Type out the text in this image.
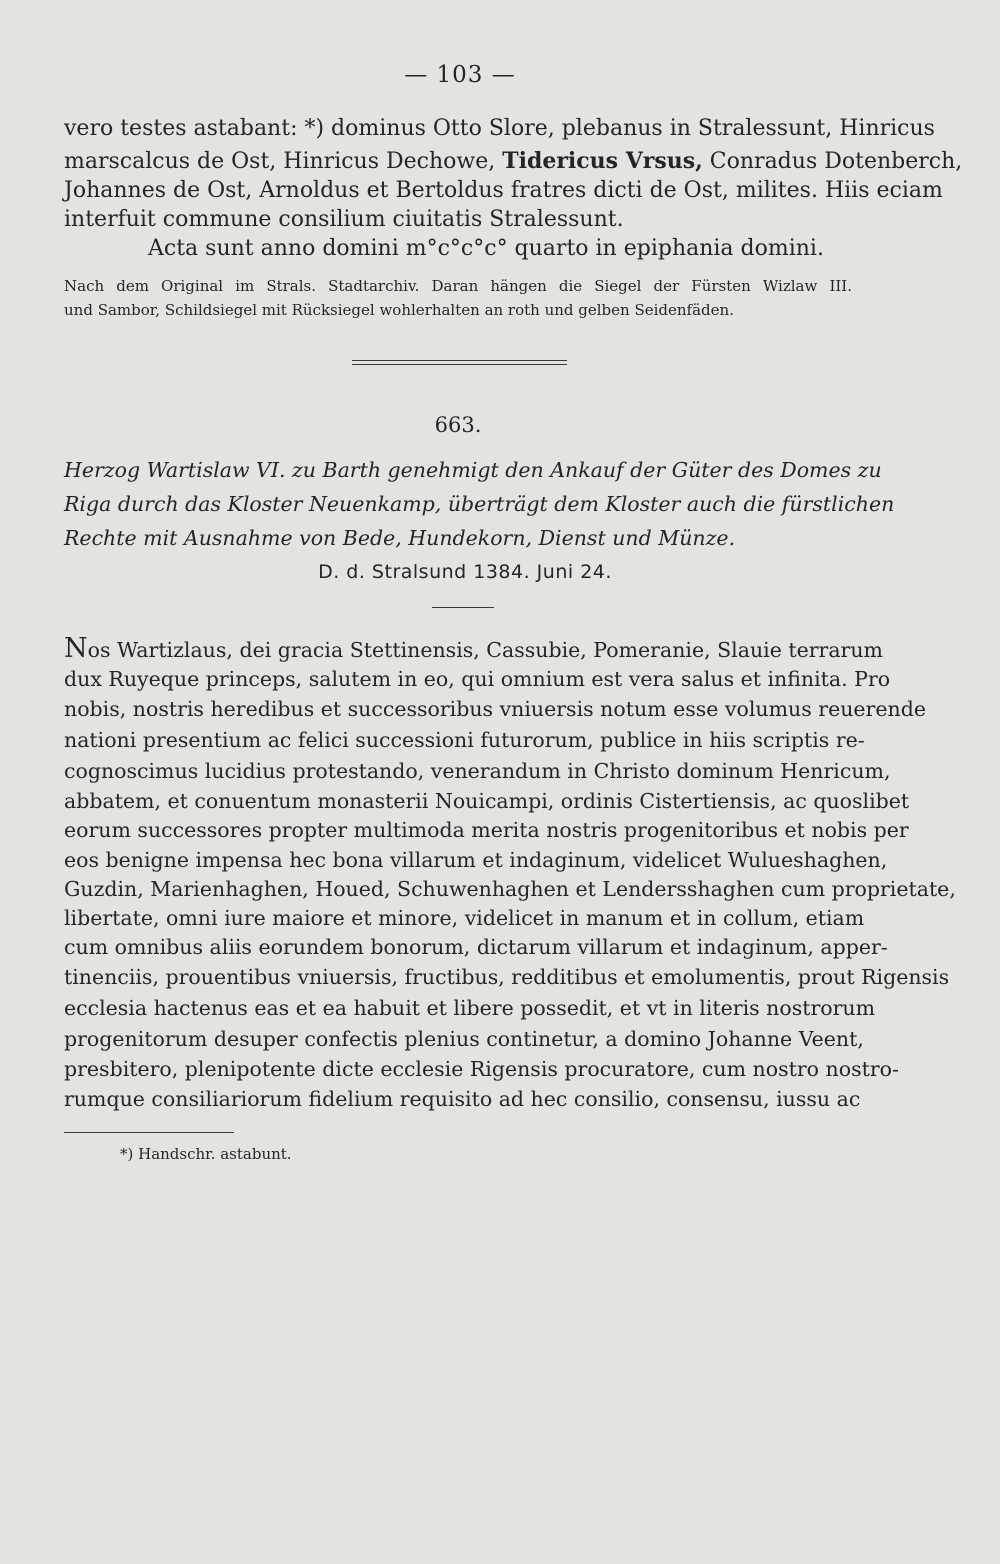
— 103 —
vero testes astabant: *) dominus Otto Slore, plebanus in Stralessunt, Hinricus
marscalcus de Ost, Hinricus Dechowe, Tidericus Vrsus, Conradus Dotenberch,
Johannes de Ost, Arnoldus et Bertoldus fratres dicti de Ost, milites. Hiis eciam
interfuit commune consilium ciuitatis Stralessunt.
Acta sunt anno domini m°c°c°c° quarto in epiphania domini.
Nach dem Original im Strals. Stadtarchiv. Daran hängen die Siegel der Fürsten Wizlaw III.
und Sambor, Schildsiegel mit Rücksiegel wohlerhalten an roth und gelben Seidenfäden.
663.
Herzog Wartislaw VI. zu Barth genehmigt den Ankauf der Güter des Domes zu
Riga durch das Kloster Neuenkamp, überträgt dem Kloster auch die fürstlichen
Rechte mit Ausnahme von Bede, Hundekorn, Dienst und Münze.
D. d. Stralsund 1384. Juni 24.
Nos Wartizlaus, dei gracia Stettinensis, Cassubie, Pomeranie, Slauie terrarum
dux Ruyeque princeps, salutem in eo, qui omnium est vera salus et infinita. Pro
nobis, nostris heredibus et successoribus vniuersis notum esse volumus reuerende
nationi presentium ac felici successioni futurorum, publice in hiis scriptis re-
cognoscimus lucidius protestando, venerandum in Christo dominum Henricum,
abbatem, et conuentum monasterii Nouicampi, ordinis Cistertiensis, ac quoslibet
eorum successores propter multimoda merita nostris progenitoribus et nobis per
eos benigne impensa hec bona villarum et indaginum, videlicet Wulueshaghen,
Guzdin, Marienhaghen, Houed, Schuwenhaghen et Lendersshaghen cum proprietate,
libertate, omni iure maiore et minore, videlicet in manum et in collum, etiam
cum omnibus aliis eorundem bonorum, dictarum villarum et indaginum, apper-
tinenciis, prouentibus vniuersis, fructibus, redditibus et emolumentis, prout Rigensis
ecclesia hactenus eas et ea habuit et libere possedit, et vt in literis nostrorum
progenitorum desuper confectis plenius continetur, a domino Johanne Veent,
presbitero, plenipotente dicte ecclesie Rigensis procuratore, cum nostro nostro-
rumque consiliariorum fidelium requisito ad hec consilio, consensu, iussu ac
*) Handschr. astabunt.
